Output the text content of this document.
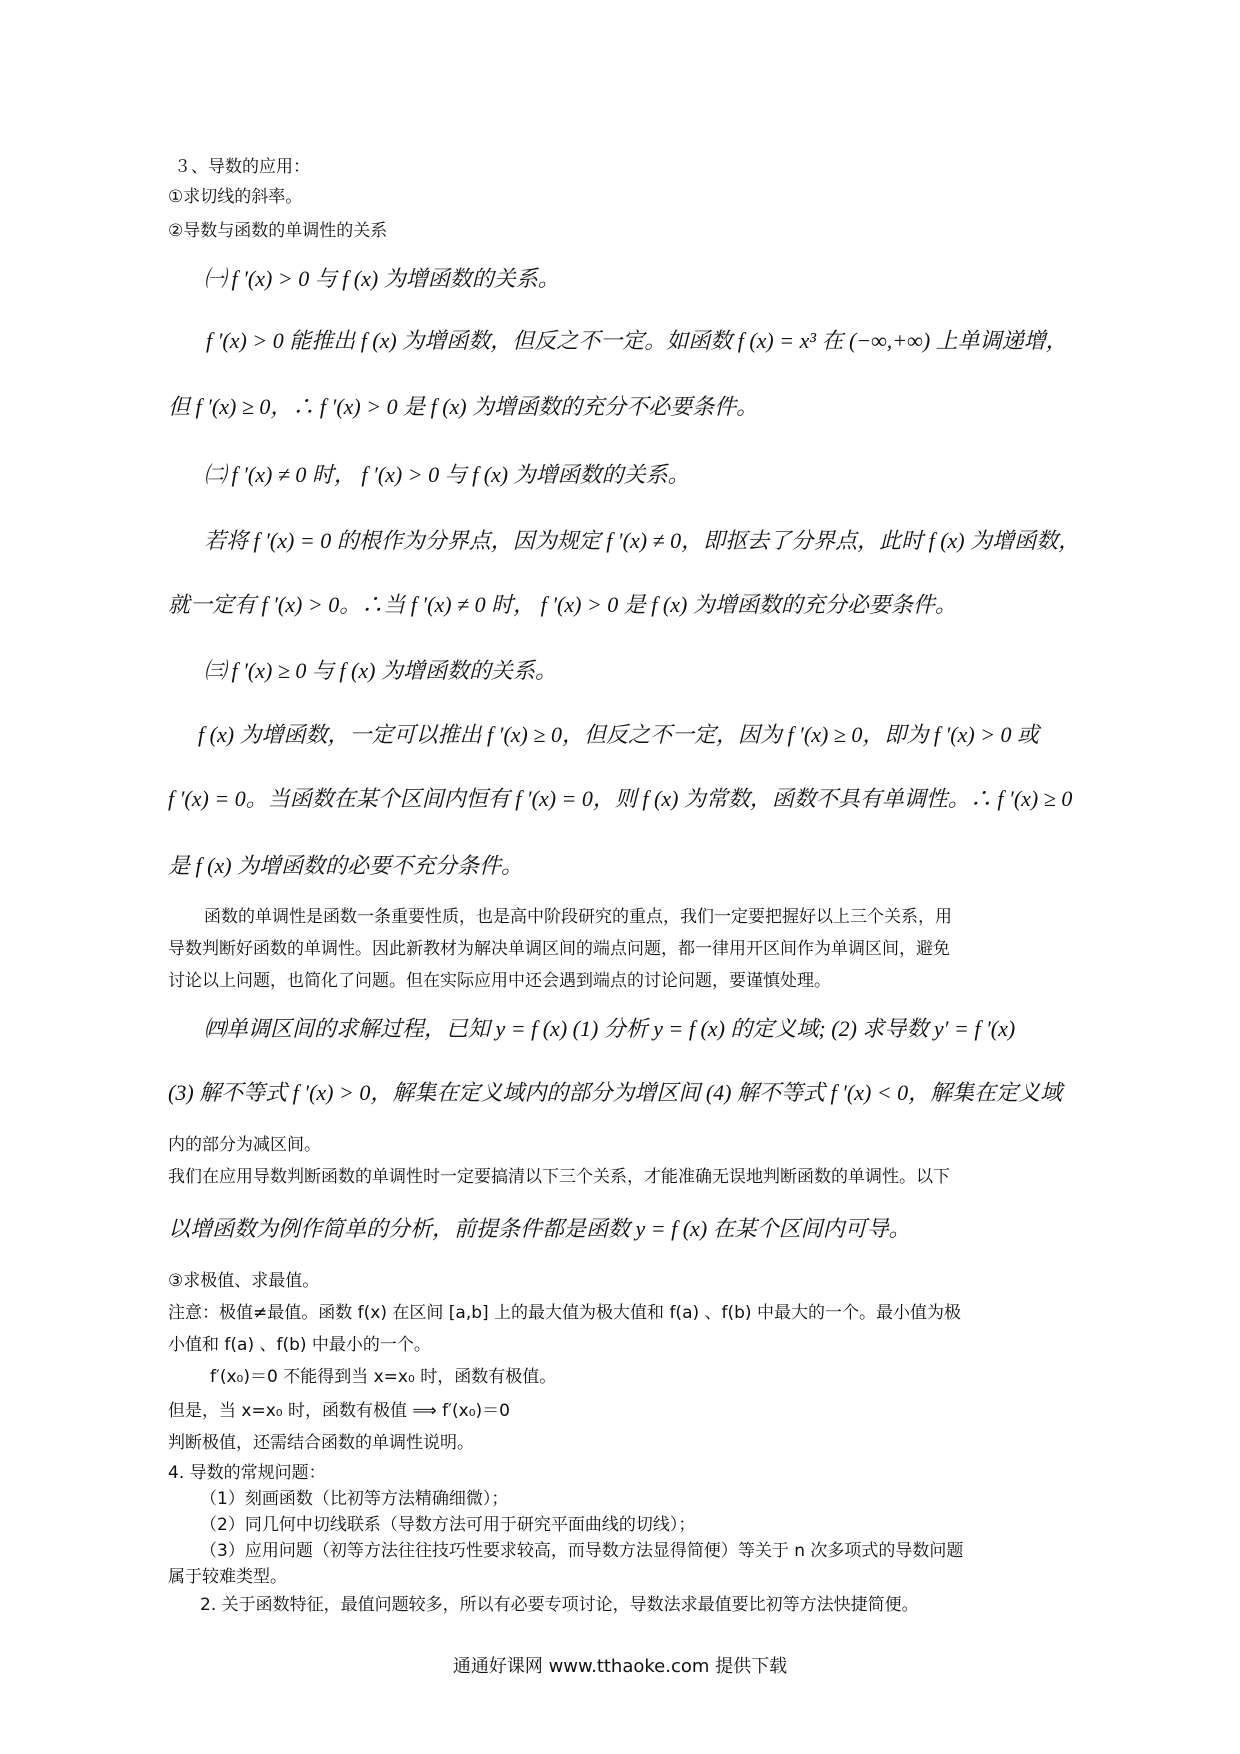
３、导数的应用：
①求切线的斜率。
②导数与函数的单调性的关系
㈠ f ′(x) > 0 与 f (x) 为增函数的关系。
f ′(x) > 0 能推出 f (x) 为增函数，但反之不一定。如函数 f (x) = x³ 在 (−∞,+∞) 上单调递增，
但 f ′(x) ≥ 0，∴ f ′(x) > 0 是 f (x) 为增函数的充分不必要条件。
㈡ f ′(x) ≠ 0 时， f ′(x) > 0 与 f (x) 为增函数的关系。
若将 f ′(x) = 0 的根作为分界点，因为规定 f ′(x) ≠ 0，即抠去了分界点，此时 f (x) 为增函数，
就一定有 f ′(x) > 0。∴当 f ′(x) ≠ 0 时， f ′(x) > 0 是 f (x) 为增函数的充分必要条件。
㈢ f ′(x) ≥ 0 与 f (x) 为增函数的关系。
f (x) 为增函数，一定可以推出 f ′(x) ≥ 0，但反之不一定，因为 f ′(x) ≥ 0，即为 f ′(x) > 0 或
f ′(x) = 0。当函数在某个区间内恒有 f ′(x) = 0，则 f (x) 为常数，函数不具有单调性。∴ f ′(x) ≥ 0
是 f (x) 为增函数的必要不充分条件。
函数的单调性是函数一条重要性质，也是高中阶段研究的重点，我们一定要把握好以上三个关系，用
导数判断好函数的单调性。因此新教材为解决单调区间的端点问题，都一律用开区间作为单调区间，避免
讨论以上问题，也简化了问题。但在实际应用中还会遇到端点的讨论问题，要谨慎处理。
㈣单调区间的求解过程，已知 y = f (x) (1) 分析 y = f (x) 的定义域; (2) 求导数 y′ = f ′(x)
(3) 解不等式 f ′(x) > 0，解集在定义域内的部分为增区间 (4) 解不等式 f ′(x) < 0，解集在定义域
内的部分为减区间。
我们在应用导数判断函数的单调性时一定要搞清以下三个关系，才能准确无误地判断函数的单调性。以下
以增函数为例作简单的分析，前提条件都是函数 y = f (x) 在某个区间内可导。
③求极值、求最值。
注意：极值≠最值。函数 f(x) 在区间 [a,b] 上的最大值为极大值和 f(a) 、f(b) 中最大的一个。最小值为极
小值和 f(a) 、f(b) 中最小的一个。
f′(x₀)＝0 不能得到当 x=x₀ 时，函数有极值。
但是，当 x=x₀ 时，函数有极值 ⟹ f′(x₀)＝0
判断极值，还需结合函数的单调性说明。
4. 导数的常规问题：
（1）刻画函数（比初等方法精确细微）；
（2）同几何中切线联系（导数方法可用于研究平面曲线的切线）；
（3）应用问题（初等方法往往技巧性要求较高，而导数方法显得简便）等关于 n 次多项式的导数问题
属于较难类型。
2. 关于函数特征，最值问题较多，所以有必要专项讨论，导数法求最值要比初等方法快捷简便。
通通好课网 www.tthaoke.com 提供下载
